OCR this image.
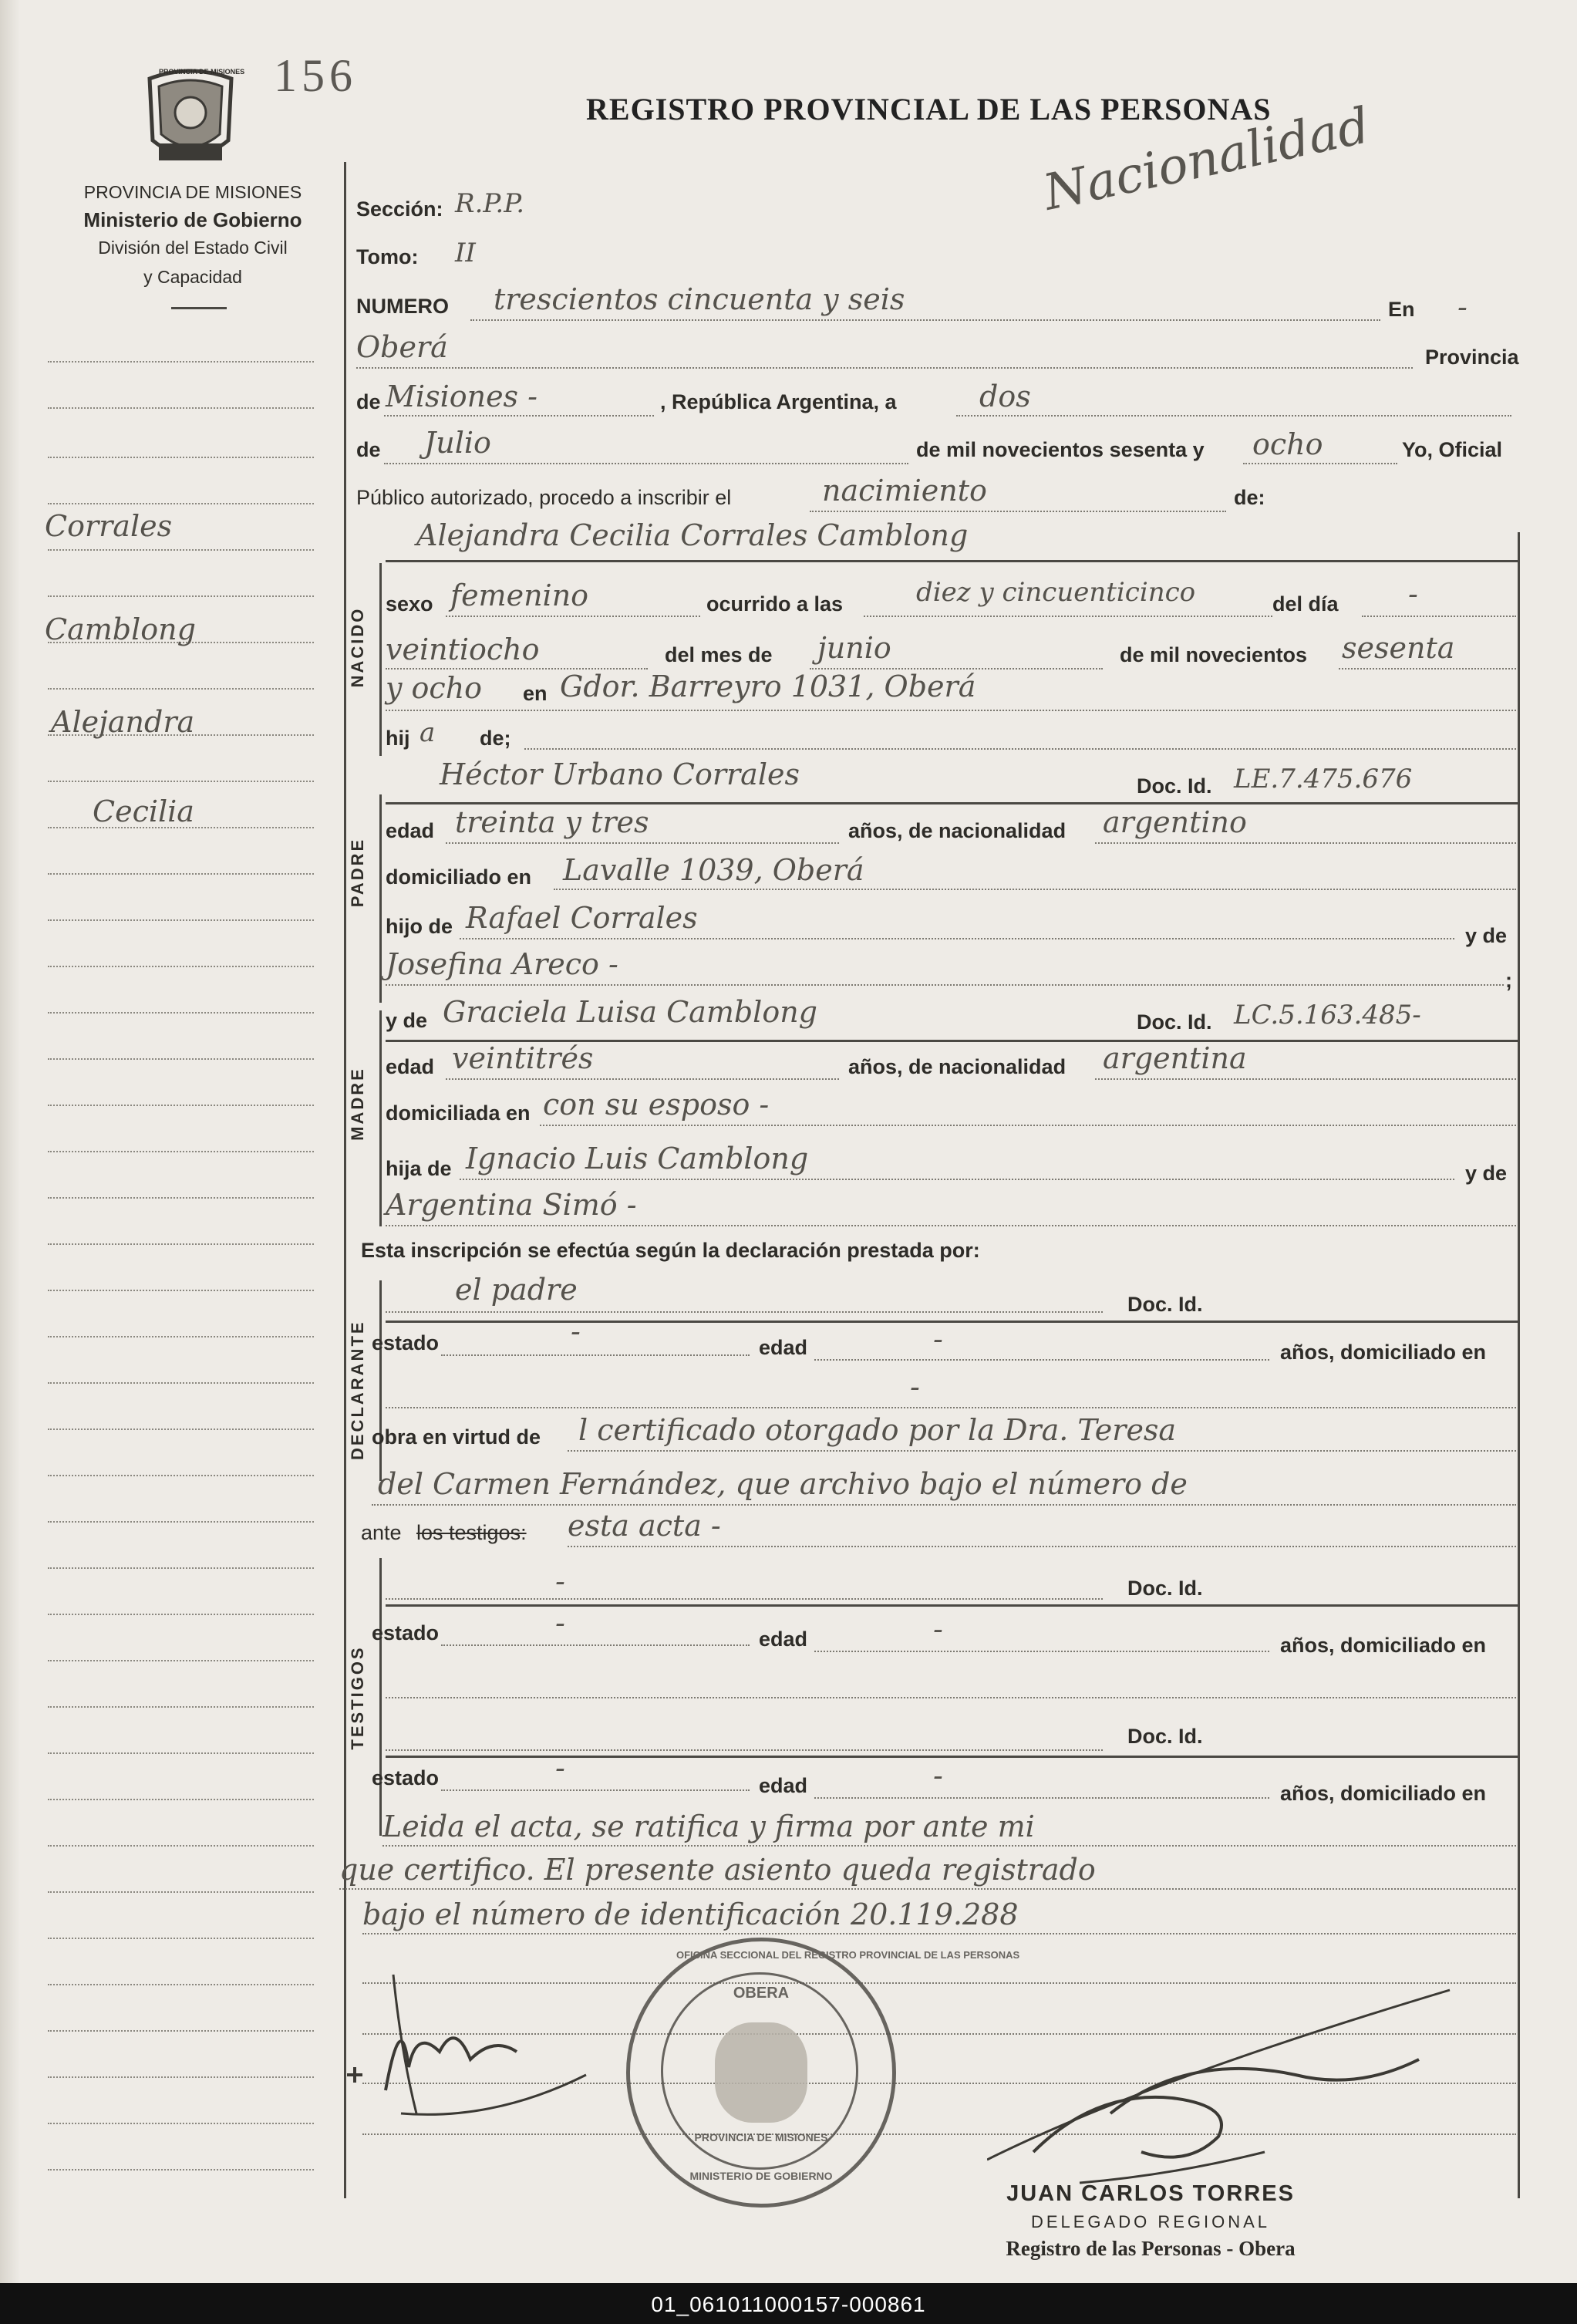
PROVINCIA DE MISIONES 156
REGISTRO PROVINCIAL DE LAS PERSONAS
Nacionalidad
PROVINCIA DE MISIONES
Ministerio de Gobierno
División del Estado Civil
y Capacidad
Corrales
Camblong
Alejandra
Cecilia
NACIDO
PADRE
MADRE
DECLARANTE
TESTIGOS
Sección: R.P.P.
Tomo: II
NUMERO trescientos cincuenta y seis	En -
Oberá	Provincia
de Misiones -	, República Argentina, a	dos
de Julio	de mil novecientos sesenta y ocho	Yo, Oficial
Público autorizado, procedo a inscribir el	nacimiento	de:
Alejandra Cecilia Corrales Camblong
sexo femenino	ocurrido a las	diez y cincuenticinco	del día -
veintiocho	del mes de junio	de mil novecientos sesenta
y ocho en Gdor. Barreyro 1031, Oberá
hij a de;
Héctor Urbano Corrales	Doc. Id. LE.7.475.676
edad treinta y tres	años, de nacionalidad argentino
domiciliado en Lavalle 1039, Oberá
hijo de Rafael Corrales
y de
Josefina Areco -	;
y de Graciela Luisa Camblong	Doc. Id. LC.5.163.485-
edad veintitrés	años, de nacionalidad argentina
domiciliada en con su esposo -
hija de Ignacio Luis Camblong	y de
Argentina Simó -
Esta inscripción se efectúa según la declaración prestada por:
el padre	Doc. Id.
estado	-	edad	-	años, domiciliado en
-
obra en virtud de l certificado otorgado por la Dra. Teresa
del Carmen Fernández, que archivo bajo el número de
ante los testigos: esta acta -
-	Doc. Id.
estado	-	edad	-	años, domiciliado en
Doc. Id.
estado	-
edad	-
años, domiciliado en
Leida el acta, se ratifica y firma por ante mi
que certifico. El presente asiento queda registrado
bajo el número de identificación 20.119.288
OFICINA SECCIONAL DEL REGISTRO PROVINCIAL DE LAS PERSONAS
OBERA
PROVINCIA DE MISIONES
MINISTERIO DE GOBIERNO
JUAN CARLOS TORRES
DELEGADO REGIONAL
Registro de las Personas - Obera
01_061011000157-000861
